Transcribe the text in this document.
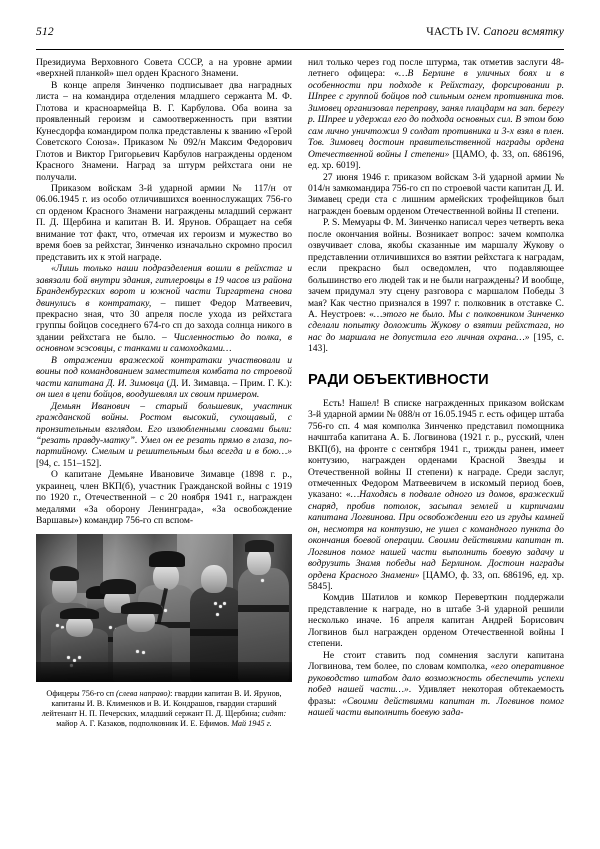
512	ЧАСТЬ IV. Сапоги всмятку

Президиума Верховного Совета СССР, а на уровне армии «верхней планкой» шел орден Красного Знамени.

В конце апреля Зинченко подписывает два наградных листа – на командира отделения младшего сержанта М. Ф. Глотова и красноармейца В. Г. Карбулова. Оба воина за проявленный героизм и самоотверженность при взятии Кунесдорфа командиром полка представлены к званию «Герой Советского Союза». Приказом № 092/н Максим Федорович Глотов и Виктор Григорьевич Карбулов награждены орденом Красного Знамени. Наград за штурм рейхстага они не получали.

Приказом войскам 3-й ударной армии № 117/н от 06.06.1945 г. из особо отличившихся военнослужащих 756-го сп орденом Красного Знамени награждены младший сержант П. Д. Щербина и капитан В. И. Ярунов. Обращает на себя внимание тот факт, что, отмечая их героизм и мужество во время боев за рейхстаг, Зинченко изначально скромно просил представить их к этой награде.

«Лишь только наши подразделения вошли в рейхстаг и завязали бой внутри здания, гитлеровцы в 19 часов из района Бранденбургских ворот и южной части Тиргартена снова двинулись в контратаку, – пишет Федор Матвеевич, прекрасно зная, что 30 апреля после ухода из рейхстага группы бойцов соседнего 674-го сп до захода солнца никого в здании рейхстага не было. – Численностью до полка, в основном эсэсовцы, с танками и самоходками…

В отражении вражеской контратаки участвовали и воины под командованием заместителя комбата по строевой части капитана Д. И. Зимовца (Д. И. Зимавца. – Прим. Г. К.): он шел в цепи бойцов, воодушевлял их своим примером.

Демьян Иванович – старый большевик, участник гражданской войны. Ростом высокий, сухощавый, с пронзительным взглядом. Его излюбленными словами были: “резать правду-матку”. Умел он ее резать прямо в глаза, по-партийному. Смелым и решительным был всегда и в бою…» [94, с. 151–152].

О капитане Демьяне Ивановиче Зимавце (1898 г. р., украинец, член ВКП(б), участник Гражданской войны с 1919 по 1920 г., Отечественной – с 20 ноября 1941 г., награжден медалями «За оборону Ленинграда», «За освобождение Варшавы») командир 756-го сп вспом-

Офицеры 756-го сп (слева направо): гвардии капитан В. И. Ярунов, капитаны И. В. Клименков и В. И. Кондрашов, гвардии старший лейтенант Н. П. Печерских, младший сержант П. Д. Щербина; сидят: майор А. Г. Казаков, подполковник И. Е. Ефимов. Май 1945 г.

нил только через год после штурма, так отметив заслуги 48-летнего офицера: «…В Берлине в уличных боях и в особенности при подходе к Рейхстагу, форсировании р. Шпрее с группой бойцов под сильным огнем противника тов. Зимовец организовал переправу, занял плацдарм на зап. берегу р. Шпрее и удержал его до подхода основных сил. В этом бою сам лично уничтожил 9 солдат противника и 3-х взял в плен. Тов. Зимовец достоин правительственной награды ордена Отечественной войны I степени» [ЦАМО, ф. 33, оп. 686196, ед. хр. 6019].

27 июня 1946 г. приказом войскам 3-й ударной армии № 014/н замкомандира 756-го сп по строевой части капитан Д. И. Зимавец среди ста с лишним армейских трофейщиков был награжден боевым орденом Отечественной войны II степени.

P. S. Мемуары Ф. М. Зинченко написал через четверть века после окончания войны. Возникает вопрос: зачем комполка озвучивает слова, якобы сказанные им маршалу Жукову о представлении отличившихся во взятии рейхстага к наградам, если прекрасно был осведомлен, что подавляющее большинство его людей так и не были награждены? И вообще, зачем придумал эту сцену разговора с маршалом Победы 3 мая? Как честно признался в 1997 г. полковник в отставке С. А. Неустроев: «…этого не было. Мы с полковником Зинченко сделали попытку доложить Жукову о взятии рейхстага, но нас до маршала не допустила его личная охрана…» [195, с. 143].

РАДИ ОБЪЕКТИВНОСТИ

Есть! Нашел! В списке награжденных приказом войскам 3-й ударной армии № 088/н от 16.05.1945 г. есть офицер штаба 756-го сп. 4 мая комполка Зинченко представил помощника начштаба капитана А. Б. Логвинова (1921 г. р., русский, член ВКП(б), на фронте с сентября 1941 г., трижды ранен, имеет контузию, награжден орденами Красной Звезды и Отечественной войны II степени) к награде. Среди заслуг, отмеченных Федором Матвеевичем в искомый период боев, указано: «…Находясь в подвале одного из домов, вражеский снаряд, пробив потолок, засыпал землей и кирпичами капитана Логвинова. При освобождении его из груды камней он, несмотря на контузию, не ушел с командного пункта до окончания боевой операции. Своими действиями капитан т. Логвинов помог нашей части выполнить боевую задачу и водрузить Знамя победы над Берлином. Достоин награды ордена Красного Знамени» [ЦАМО, ф. 33, оп. 686196, ед. хр. 5845].

Комдив Шатилов и комкор Переверткин поддержали представление к награде, но в штабе 3-й ударной решили несколько иначе. 16 апреля капитан Андрей Борисович Логвинов был награжден орденом Отечественной войны I степени.

Не стоит ставить под сомнения заслуги капитана Логвинова, тем более, по словам комполка, «его оперативное руководство штабом дало возможность обеспечить успехи побед нашей части…». Удивляет некоторая обтекаемость фразы: «Своими действиями капитан т. Логвинов помог нашей части выполнить боевую зада-
